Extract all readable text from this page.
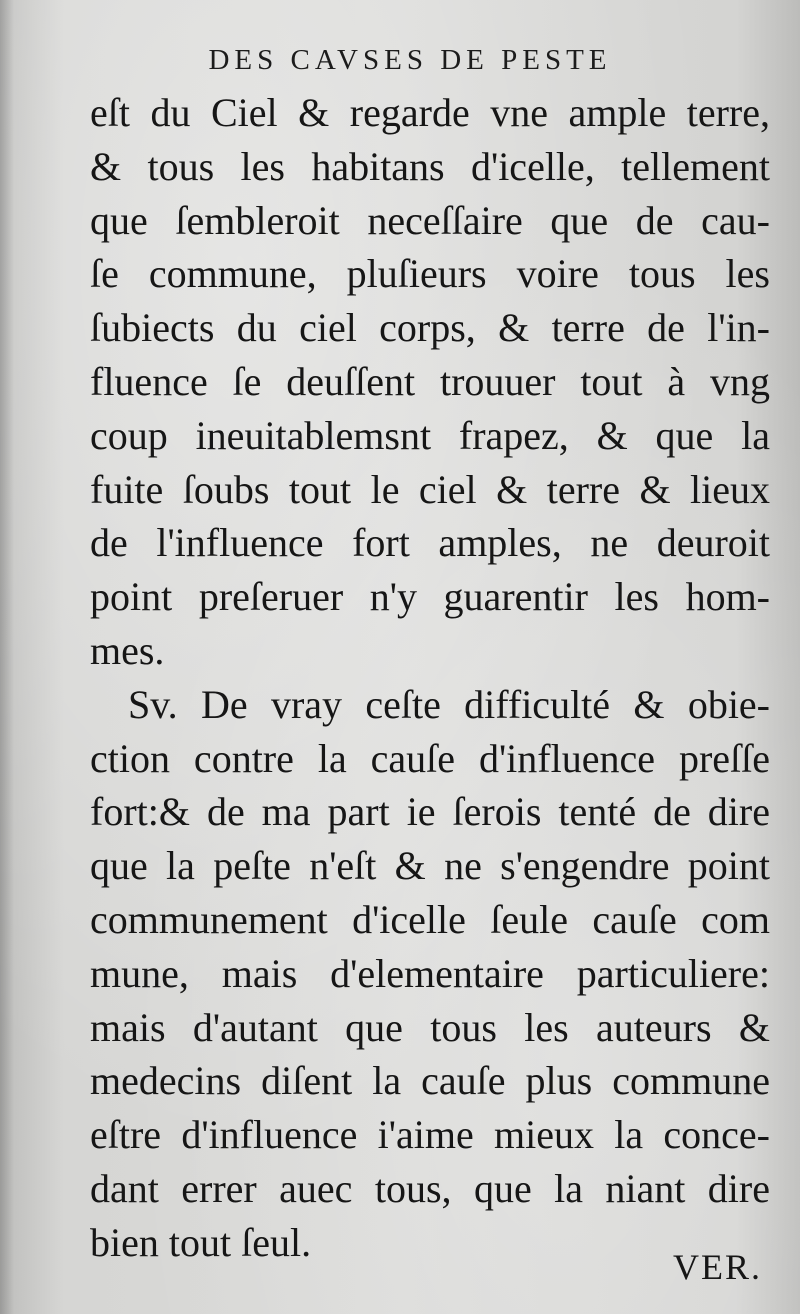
DES CAVSES DE PESTE
eſt du Ciel & regarde vne ample terre,
& tous les habitans d'icelle, tellement
que ſembleroit neceſſaire que de cau-
ſe commune, pluſieurs voire tous les
ſubiects du ciel corps, & terre de l'in-
fluence ſe deuſſent trouuer tout à vng
coup ineuitablemsnt frapez, & que la
fuite ſoubs tout le ciel & terre & lieux
de l'influence fort amples, ne deuroit
point preſeruer n'y guarentir les hom-
mes.
Sv. De vray ceſte difficulté & obie-
ction contre la cauſe d'influence preſſe
fort:& de ma part ie ſerois tenté de dire
que la peſte n'eſt & ne s'engendre point
communement d'icelle ſeule cauſe com
mune, mais d'elementaire particuliere:
mais d'autant que tous les auteurs &
medecins diſent la cauſe plus commune
eſtre d'influence i'aime mieux la conce-
dant errer auec tous, que la niant dire
bien tout ſeul.
VER.
